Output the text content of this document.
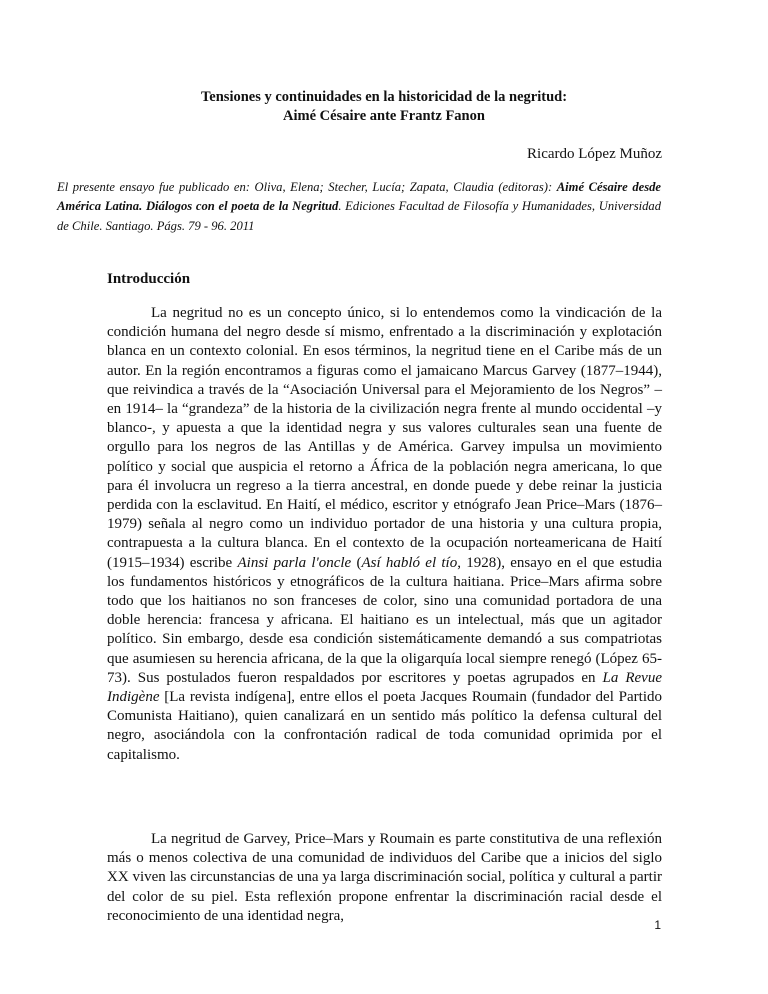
Tensiones y continuidades en la historicidad de la negritud:
Aimé Césaire ante Frantz Fanon
Ricardo López Muñoz
El presente ensayo fue publicado en: Oliva, Elena; Stecher, Lucía; Zapata, Claudia (editoras): Aimé Césaire desde América Latina. Diálogos con el poeta de la Negritud. Ediciones Facultad de Filosofía y Humanidades, Universidad de Chile. Santiago. Págs. 79 - 96. 2011
Introducción

La negritud no es un concepto único, si lo entendemos como la vindicación de la condición humana del negro desde sí mismo, enfrentado a la discriminación y explotación blanca en un contexto colonial. En esos términos, la negritud tiene en el Caribe más de un autor. En la región encontramos a figuras como el jamaicano Marcus Garvey (1877–1944), que reivindica a través de la “Asociación Universal para el Mejoramiento de los Negros” –en 1914– la “grandeza” de la historia de la civilización negra frente al mundo occidental –y blanco-, y apuesta a que la identidad negra y sus valores culturales sean una fuente de orgullo para los negros de las Antillas y de América. Garvey impulsa un movimiento político y social que auspicia el retorno a África de la población negra americana, lo que para él involucra un regreso a la tierra ancestral, en donde puede y debe reinar la justicia perdida con la esclavitud. En Haití, el médico, escritor y etnógrafo Jean Price–Mars (1876–1979) señala al negro como un individuo portador de una historia y una cultura propia, contrapuesta a la cultura blanca. En el contexto de la ocupación norteamericana de Haití (1915–1934) escribe Ainsi parla l'oncle (Así habló el tío, 1928), ensayo en el que estudia los fundamentos históricos y etnográficos de la cultura haitiana. Price–Mars afirma sobre todo que los haitianos no son franceses de color, sino una comunidad portadora de una doble herencia: francesa y africana. El haitiano es un intelectual, más que un agitador político. Sin embargo, desde esa condición sistemáticamente demandó a sus compatriotas que asumiesen su herencia africana, de la que la oligarquía local siempre renegó (López 65-73). Sus postulados fueron respaldados por escritores y poetas agrupados en La Revue Indigène [La revista indígena], entre ellos el poeta Jacques Roumain (fundador del Partido Comunista Haitiano), quien canalizará en un sentido más político la defensa cultural del negro, asociándola con la confrontación radical de toda comunidad oprimida por el capitalismo.

La negritud de Garvey, Price–Mars y Roumain es parte constitutiva de una reflexión más o menos colectiva de una comunidad de individuos del Caribe que a inicios del siglo XX viven las circunstancias de una ya larga discriminación social, política y cultural a partir del color de su piel. Esta reflexión propone enfrentar la discriminación racial desde el reconocimiento de una identidad negra,

1
